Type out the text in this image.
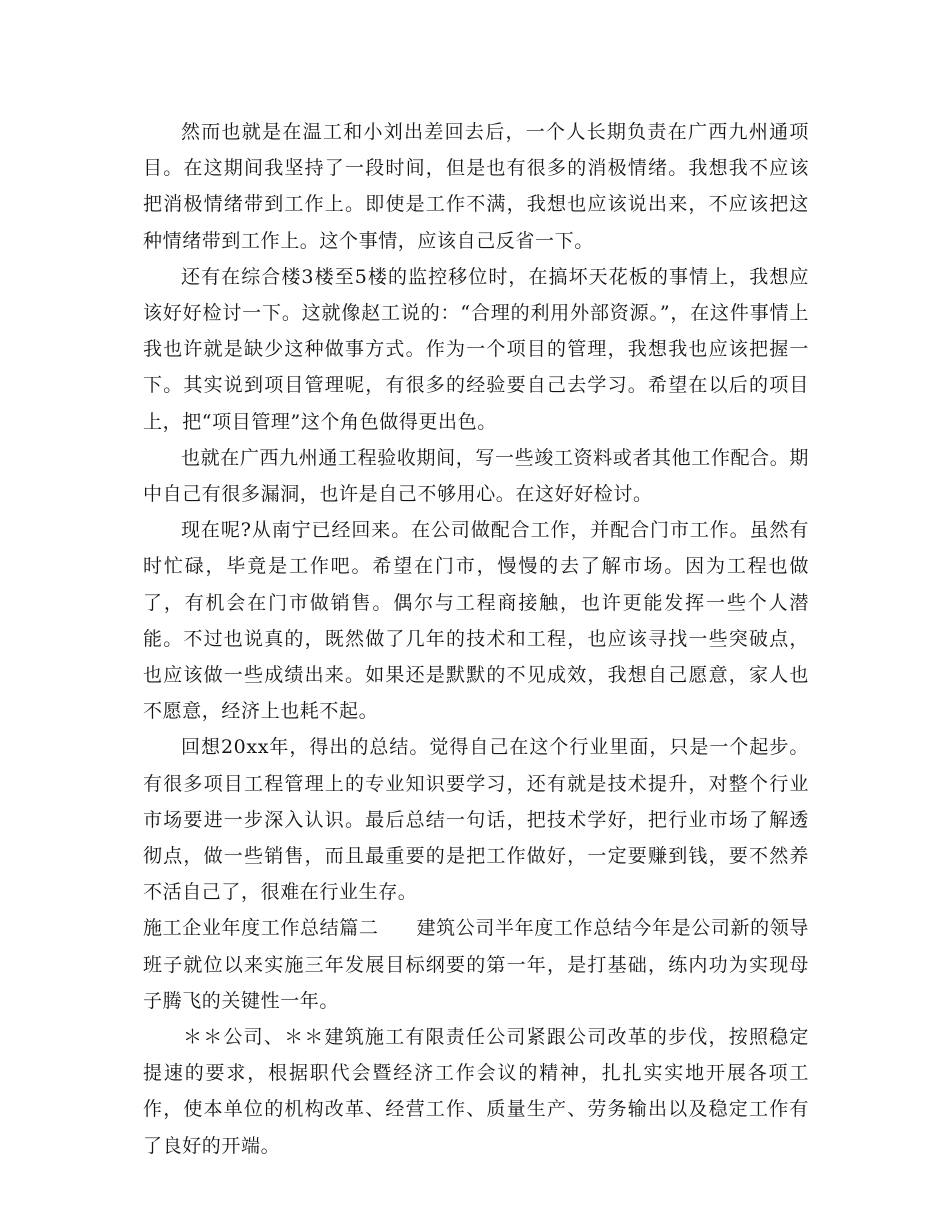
然而也就是在温工和小刘出差回去后，一个人长期负责在广西九州通项目。在这期间我坚持了一段时间，但是也有很多的消极情绪。我想我不应该把消极情绪带到工作上。即使是工作不满，我想也应该说出来，不应该把这种情绪带到工作上。这个事情，应该自己反省一下。

还有在综合楼3楼至5楼的监控移位时，在搞坏天花板的事情上，我想应该好好检讨一下。这就像赵工说的：“合理的利用外部资源。”，在这件事情上我也许就是缺少这种做事方式。作为一个项目的管理，我想我也应该把握一下。其实说到项目管理呢，有很多的经验要自己去学习。希望在以后的项目上，把“项目管理”这个角色做得更出色。

也就在广西九州通工程验收期间，写一些竣工资料或者其他工作配合。期中自己有很多漏洞，也许是自己不够用心。在这好好检讨。

现在呢?从南宁已经回来。在公司做配合工作，并配合门市工作。虽然有时忙碌，毕竟是工作吧。希望在门市，慢慢的去了解市场。因为工程也做了，有机会在门市做销售。偶尔与工程商接触，也许更能发挥一些个人潜能。不过也说真的，既然做了几年的技术和工程，也应该寻找一些突破点，也应该做一些成绩出来。如果还是默默的不见成效，我想自己愿意，家人也不愿意，经济上也耗不起。

回想20xx年，得出的总结。觉得自己在这个行业里面，只是一个起步。有很多项目工程管理上的专业知识要学习，还有就是技术提升，对整个行业市场要进一步深入认识。最后总结一句话，把技术学好，把行业市场了解透彻点，做一些销售，而且最重要的是把工作做好，一定要赚到钱，要不然养不活自己了，很难在行业生存。

施工企业年度工作总结篇二 建筑公司半年度工作总结今年是公司新的领导班子就位以来实施三年发展目标纲要的第一年，是打基础，练内功为实现母子腾飞的关键性一年。

＊＊公司、＊＊建筑施工有限责任公司紧跟公司改革的步伐，按照稳定提速的要求，根据职代会暨经济工作会议的精神，扎扎实实地开展各项工作，使本单位的机构改革、经营工作、质量生产、劳务输出以及稳定工作有了良好的开端。
